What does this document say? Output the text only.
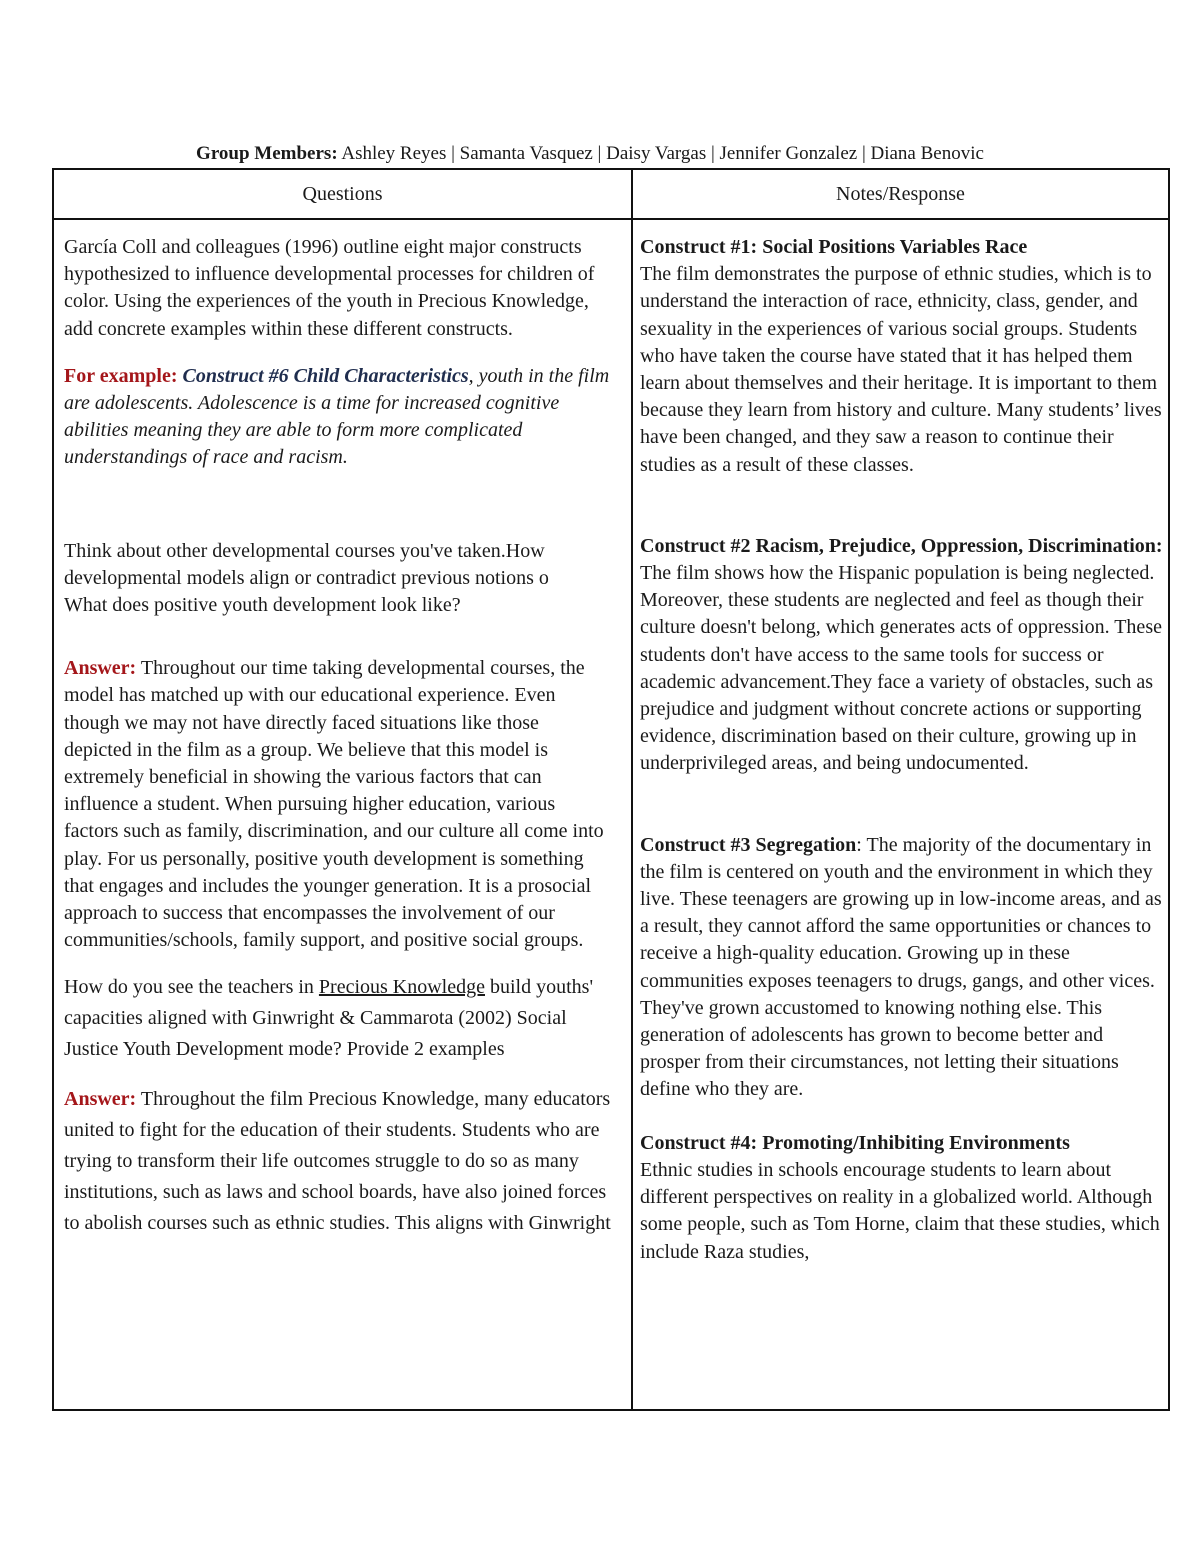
Group Members: Ashley Reyes | Samanta Vasquez | Daisy Vargas | Jennifer Gonzalez | Diana Benovic
Questions	Notes/Response

García Coll and colleagues (1996) outline eight major constructs hypothesized to influence developmental processes for children of color. Using the experiences of the youth in Precious Knowledge, add concrete examples within these different constructs.

For example: Construct #6 Child Characteristics, youth in the film are adolescents. Adolescence is a time for increased cognitive abilities meaning they are able to form more complicated understandings of race and racism.

Think about other developmental courses you've taken.How
developmental models align or contradict previous notions o
What does positive youth development look like?

Answer: Throughout our time taking developmental courses, the model has matched up with our educational experience. Even though we may not have directly faced situations like those depicted in the film as a group. We believe that this model is extremely beneficial in showing the various factors that can influence a student. When pursuing higher education, various factors such as family, discrimination, and our culture all come into play. For us personally, positive youth development is something that engages and includes the younger generation. It is a prosocial approach to success that encompasses the involvement of our communities/schools, family support, and positive social groups.

How do you see the teachers in Precious Knowledge build youths' capacities aligned with Ginwright & Cammarota (2002) Social Justice Youth Development mode? Provide 2 examples

Answer: Throughout the film Precious Knowledge, many educators united to fight for the education of their students. Students who are trying to transform their life outcomes struggle to do so as many institutions, such as laws and school boards, have also joined forces to abolish courses such as ethnic studies. This aligns with Ginwright

Construct #1: Social Positions Variables Race
The film demonstrates the purpose of ethnic studies, which is to understand the interaction of race, ethnicity, class, gender, and sexuality in the experiences of various social groups. Students who have taken the course have stated that it has helped them learn about themselves and their heritage. It is important to them because they learn from history and culture. Many students’ lives have been changed, and they saw a reason to continue their studies as a result of these classes.

Construct #2 Racism, Prejudice, Oppression, Discrimination: The film shows how the Hispanic population is being neglected. Moreover, these students are neglected and feel as though their culture doesn't belong, which generates acts of oppression. These students don't have access to the same tools for success or academic advancement.They face a variety of obstacles, such as prejudice and judgment without concrete actions or supporting evidence, discrimination based on their culture, growing up in underprivileged areas, and being undocumented.

Construct #3 Segregation: The majority of the documentary in the film is centered on youth and the environment in which they live. These teenagers are growing up in low-income areas, and as a result, they cannot afford the same opportunities or chances to receive a high-quality education. Growing up in these communities exposes teenagers to drugs, gangs, and other vices. They've grown accustomed to knowing nothing else. This generation of adolescents has grown to become better and prosper from their circumstances, not letting their situations define who they are.

Construct #4: Promoting/Inhibiting Environments
Ethnic studies in schools encourage students to learn about different perspectives on reality in a globalized world. Although some people, such as Tom Horne, claim that these studies, which include Raza studies,
